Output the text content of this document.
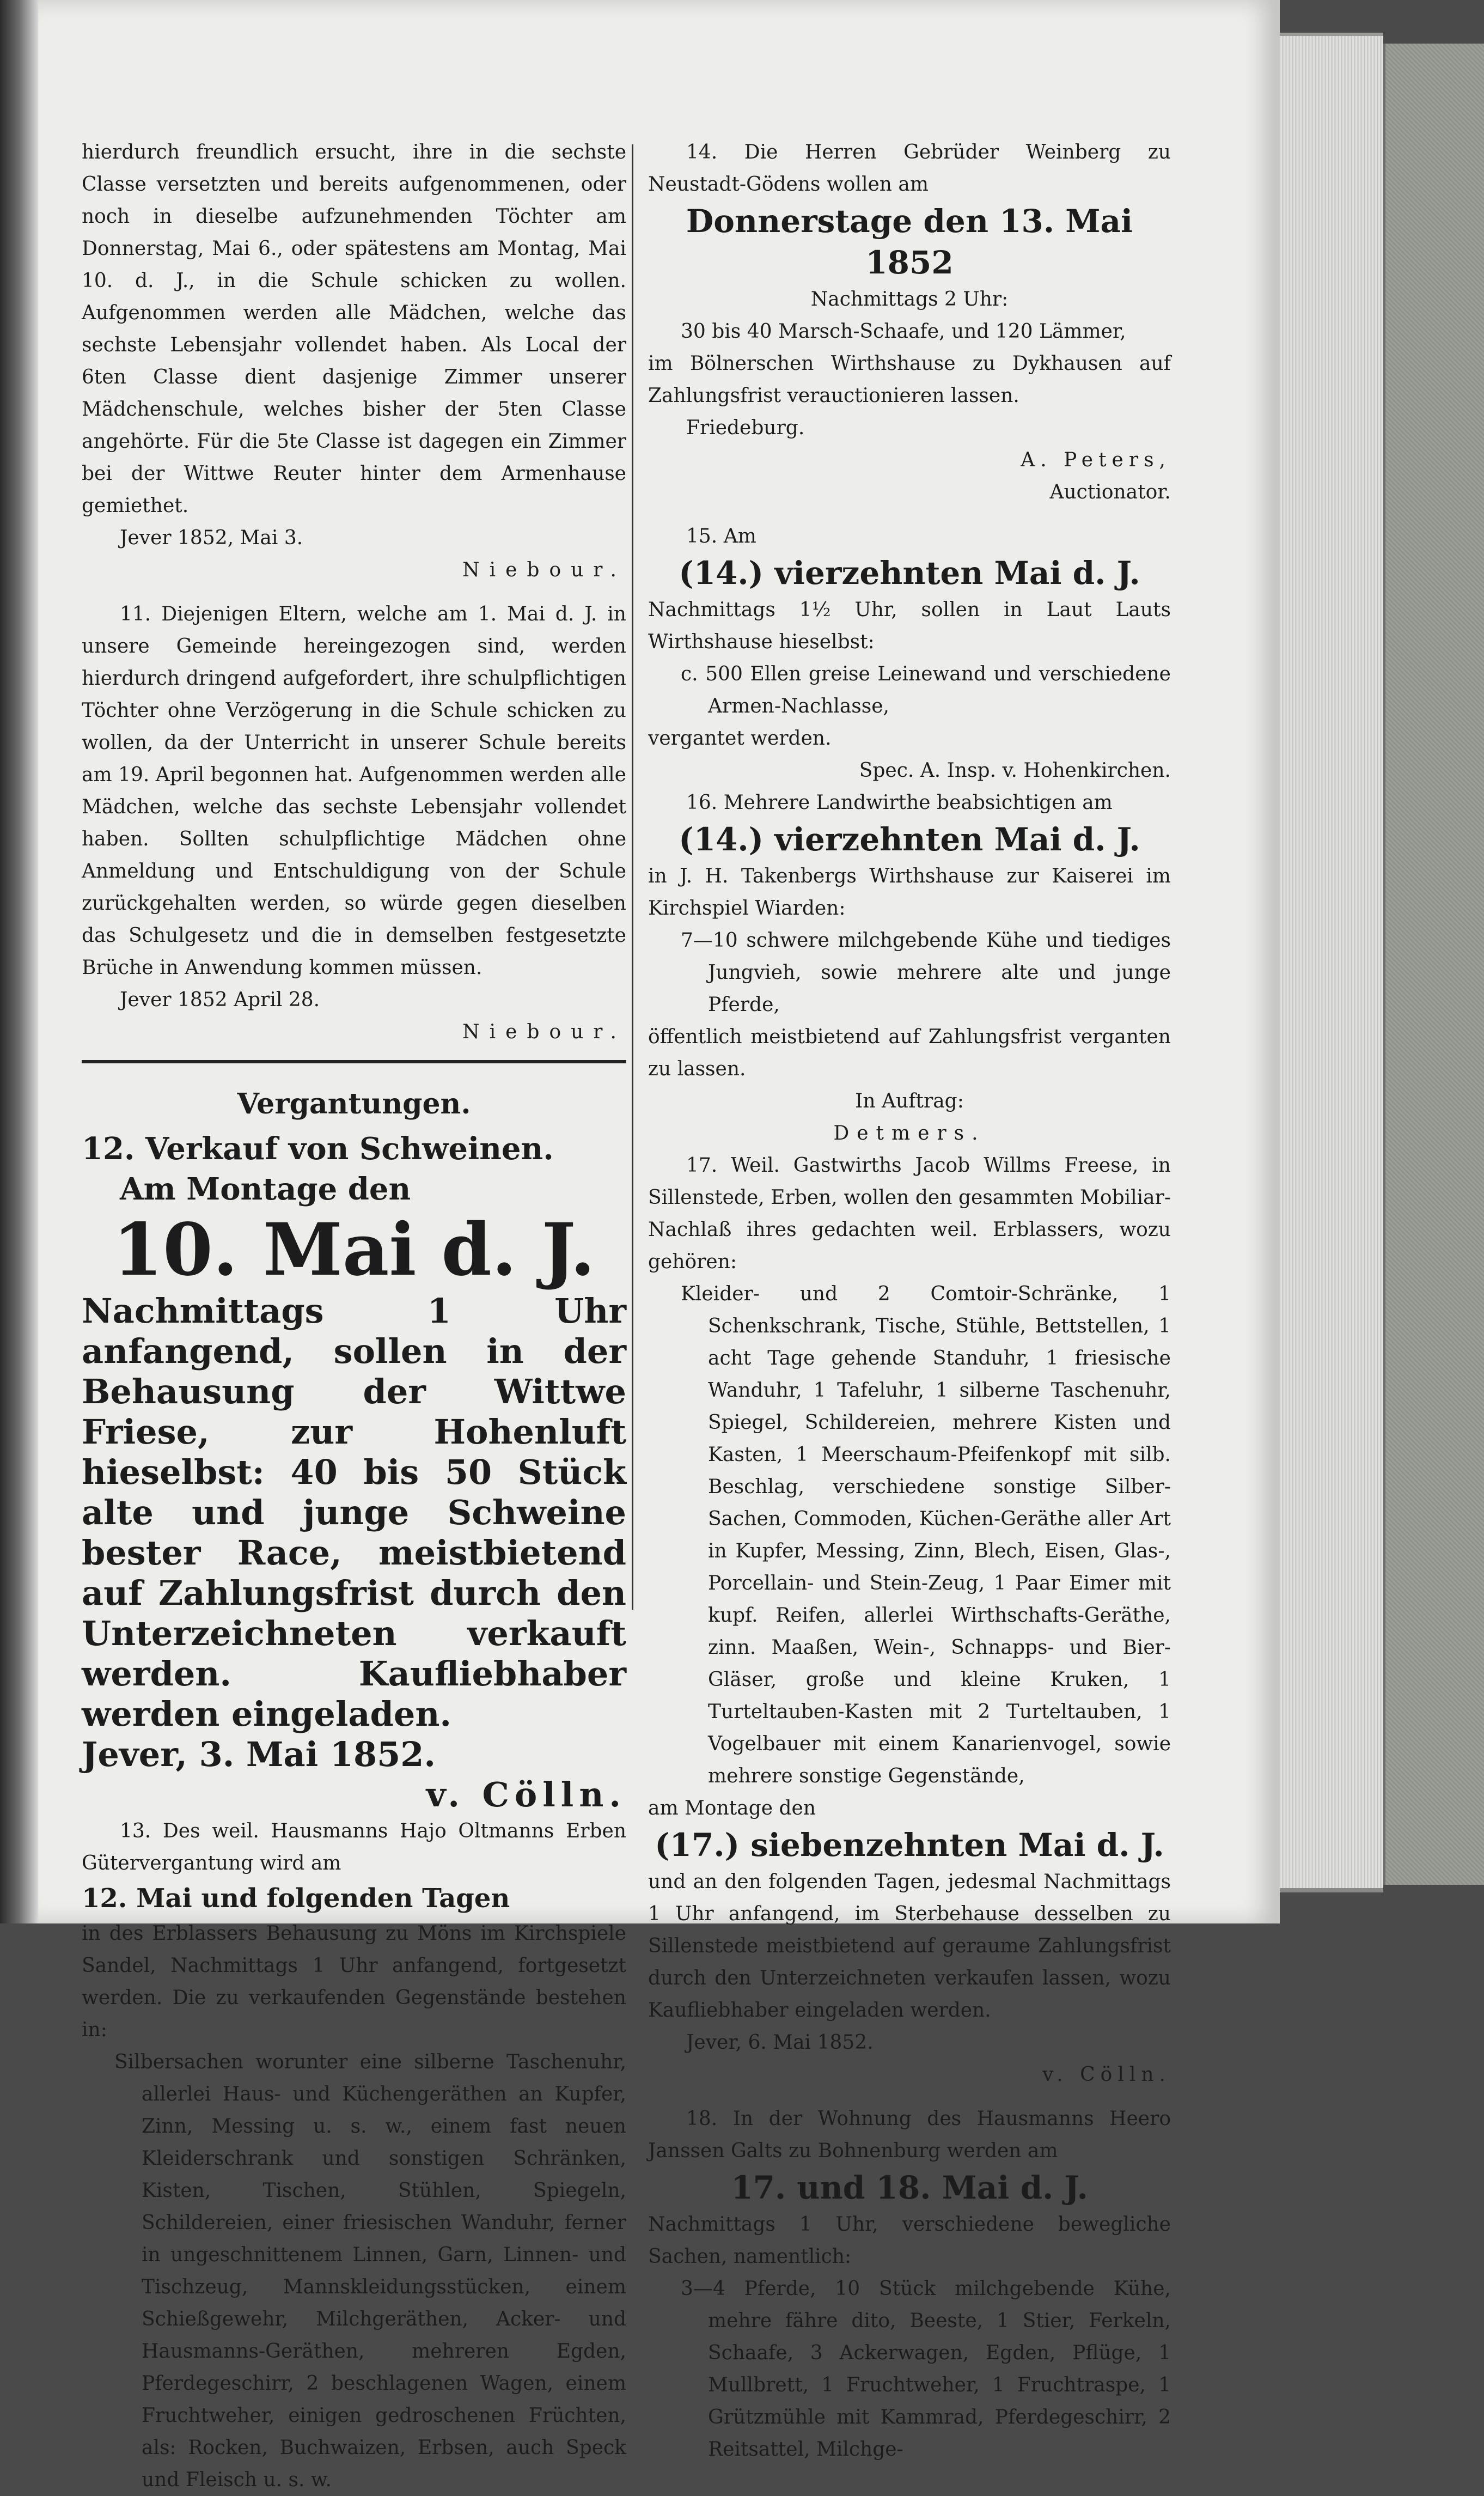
hierdurch freundlich ersucht, ihre in die sechste Classe versetzten und bereits aufgenommenen, oder noch in dieselbe aufzunehmenden Töchter am Donnerstag, Mai 6., oder spätestens am Montag, Mai 10. d. J., in die Schule schicken zu wollen. Aufgenommen werden alle Mädchen, welche das sechste Lebensjahr vollendet haben. Als Local der 6ten Classe dient dasjenige Zimmer unserer Mädchenschule, welches bisher der 5ten Classe angehörte. Für die 5te Classe ist dagegen ein Zimmer bei der Wittwe Reuter hinter dem Armenhause gemiethet.

Jever 1852, Mai 3.

Niebour.

11. Diejenigen Eltern, welche am 1. Mai d. J. in unsere Gemeinde hereingezogen sind, werden hierdurch dringend aufgefordert, ihre schulpflichtigen Töchter ohne Verzögerung in die Schule schicken zu wollen, da der Unterricht in unserer Schule bereits am 19. April begonnen hat. Aufgenommen werden alle Mädchen, welche das sechste Lebensjahr vollendet haben. Sollten schulpflichtige Mädchen ohne Anmeldung und Entschuldigung von der Schule zurückgehalten werden, so würde gegen dieselben das Schulgesetz und die in demselben festgesetzte Brüche in Anwendung kommen müssen.

Jever 1852 April 28.

Niebour.

Vergantungen.
12. Verkauf von Schweinen.
Am Montage den
10. Mai d. J.

Nachmittags 1 Uhr anfangend, sollen in der Behausung der Wittwe Friese, zur Hohenluft hieselbst: 40 bis 50 Stück alte und junge Schweine bester Race, meistbietend auf Zahlungsfrist durch den Unterzeichneten verkauft werden. Kaufliebhaber werden eingeladen.

Jever, 3. Mai 1852.
v. Cölln.

13. Des weil. Hausmanns Hajo Oltmanns Erben Gütervergantung wird am

12. Mai und folgenden Tagen

in des Erblassers Behausung zu Möns im Kirchspiele Sandel, Nachmittags 1 Uhr anfangend, fortgesetzt werden. Die zu verkaufenden Gegenstände bestehen in:

Silbersachen worunter eine silberne Taschenuhr, allerlei Haus- und Küchengeräthen an Kupfer, Zinn, Messing u. s. w., einem fast neuen Kleiderschrank und sonstigen Schränken, Kisten, Tischen, Stühlen, Spiegeln, Schildereien, einer friesischen Wanduhr, ferner in ungeschnittenem Linnen, Garn, Linnen- und Tischzeug, Mannskleidungsstücken, einem Schießgewehr, Milchgeräthen, Acker- und Hausmanns-Geräthen, mehreren Egden, Pferdegeschirr, 2 beschlagenen Wagen, einem Fruchtweher, einigen gedroschenen Früchten, als: Rocken, Buchwaizen, Erbsen, auch Speck und Fleisch u. s. w.

14. Die Herren Gebrüder Weinberg zu Neustadt-Gödens wollen am

Donnerstage den 13. Mai 1852

Nachmittags 2 Uhr:

30 bis 40 Marsch-Schaafe, und 120 Lämmer,

im Bölnerschen Wirthshause zu Dykhausen auf Zahlungsfrist verauctionieren lassen.

Friedeburg.

A. Peters,

Auctionator.

15. Am

(14.) vierzehnten Mai d. J.

Nachmittags 1½ Uhr, sollen in Laut Lauts Wirthshause hieselbst:

c. 500 Ellen greise Leinewand und verschiedene Armen-Nachlasse,

vergantet werden.

Spec. A. Insp. v. Hohenkirchen.

16. Mehrere Landwirthe beabsichtigen am

(14.) vierzehnten Mai d. J.

in J. H. Takenbergs Wirthshause zur Kaiserei im Kirchspiel Wiarden:

7—10 schwere milchgebende Kühe und tiediges Jungvieh, sowie mehrere alte und junge Pferde,

öffentlich meistbietend auf Zahlungsfrist verganten zu lassen.

In Auftrag:

Detmers.

17. Weil. Gastwirths Jacob Willms Freese, in Sillenstede, Erben, wollen den gesammten Mobiliar-Nachlaß ihres gedachten weil. Erblassers, wozu gehören:

Kleider- und 2 Comtoir-Schränke, 1 Schenkschrank, Tische, Stühle, Bettstellen, 1 acht Tage gehende Standuhr, 1 friesische Wanduhr, 1 Tafeluhr, 1 silberne Taschenuhr, Spiegel, Schildereien, mehrere Kisten und Kasten, 1 Meerschaum-Pfeifenkopf mit silb. Beschlag, verschiedene sonstige Silber-Sachen, Commoden, Küchen-Geräthe aller Art in Kupfer, Messing, Zinn, Blech, Eisen, Glas-, Porcellain- und Stein-Zeug, 1 Paar Eimer mit kupf. Reifen, allerlei Wirthschafts-Geräthe, zinn. Maaßen, Wein-, Schnapps- und Bier-Gläser, große und kleine Kruken, 1 Turteltauben-Kasten mit 2 Turteltauben, 1 Vogelbauer mit einem Kanarienvogel, sowie mehrere sonstige Gegenstände,

am Montage den

(17.) siebenzehnten Mai d. J.

und an den folgenden Tagen, jedesmal Nachmittags 1 Uhr anfangend, im Sterbehause desselben zu Sillenstede meistbietend auf geraume Zahlungsfrist durch den Unterzeichneten verkaufen lassen, wozu Kaufliebhaber eingeladen werden.

Jever, 6. Mai 1852.

v. Cölln.

18. In der Wohnung des Hausmanns Heero Janssen Galts zu Bohnenburg werden am

17. und 18. Mai d. J.

Nachmittags 1 Uhr, verschiedene bewegliche Sachen, namentlich:

3—4 Pferde, 10 Stück milchgebende Kühe, mehre fähre dito, Beeste, 1 Stier, Ferkeln, Schaafe, 3 Ackerwagen, Egden, Pflüge, 1 Mullbrett, 1 Fruchtweher, 1 Fruchtraspe, 1 Grützmühle mit Kammrad, Pferdegeschirr, 2 Reitsattel, Milchge-
